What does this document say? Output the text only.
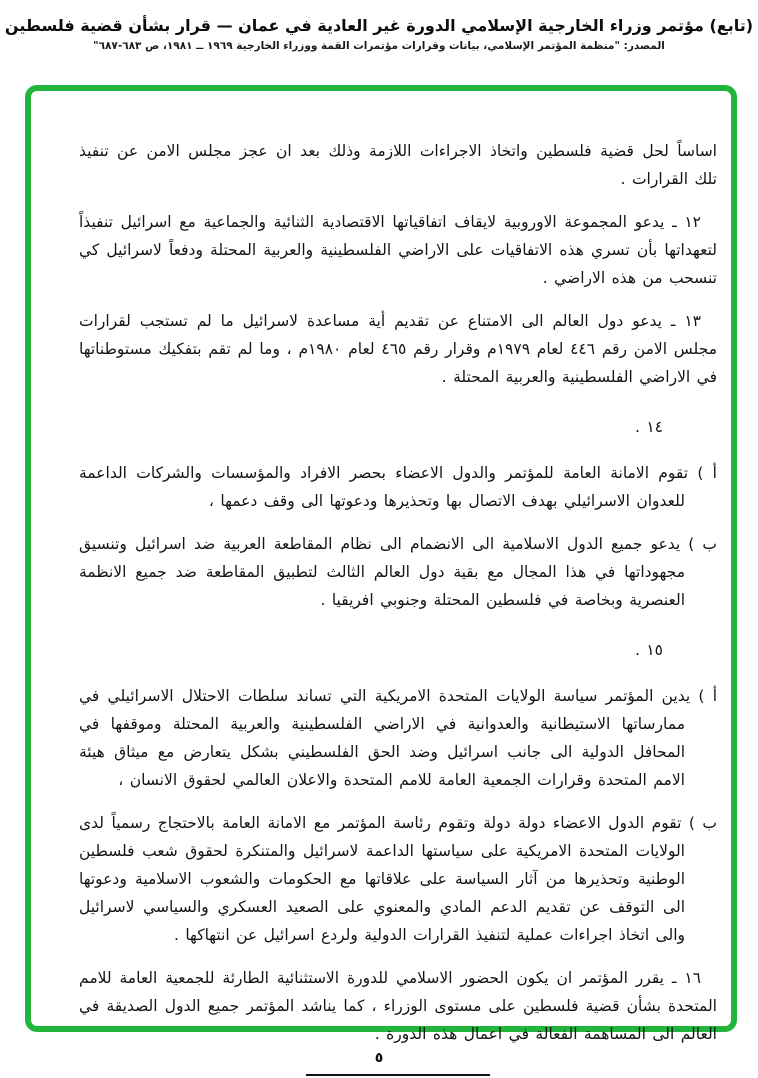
(تابع) مؤتمر وزراء الخارجية الإسلامي الدورة غير العادية في عمان — قرار بشأن قضية فلسطين
المصدر: "منظمة المؤتمر الإسلامي، بيانات وقرارات مؤتمرات القمة ووزراء الخارجية ١٩٦٩ ــ ١٩٨١، ص ٦٨٣-٦٨٧"

اساساً لحل قضية فلسطين واتخاذ الاجراءات اللازمة وذلك بعد ان عجز مجلس الامن عن تنفيذ تلك القرارات .

١٢ ـ يدعو المجموعة الاوروبية لايقاف اتفاقياتها الاقتصادية الثنائية والجماعية مع اسرائيل تنفيذاً لتعهداتها بأن تسري هذه الاتفاقيات على الاراضي الفلسطينية والعربية المحتلة ودفعاً لاسرائيل كي تنسحب من هذه الاراضي .

١٣ ـ يدعو دول العالم الى الامتناع عن تقديم أية مساعدة لاسرائيل ما لم تستجب لقرارات مجلس الامن رقم ٤٤٦ لعام ١٩٧٩م وقرار رقم ٤٦٥ لعام ١٩٨٠م ، وما لم تقم بتفكيك مستوطناتها في الاراضي الفلسطينية والعربية المحتلة .

١٤ .

أ ) تقوم الامانة العامة للمؤتمر والدول الاعضاء بحصر الافراد والمؤسسات والشركات الداعمة للعدوان الاسرائيلي بهدف الاتصال بها وتحذيرها ودعوتها الى وقف دعمها ،

ب ) يدعو جميع الدول الاسلامية الى الانضمام الى نظام المقاطعة العربية ضد اسرائيل وتنسيق مجهوداتها في هذا المجال مع بقية دول العالم الثالث لتطبيق المقاطعة ضد جميع الانظمة العنصرية وبخاصة في فلسطين المحتلة وجنوبي افريقيا .

١٥ .

أ ) يدين المؤتمر سياسة الولايات المتحدة الامريكية التي تساند سلطات الاحتلال الاسرائيلي في ممارساتها الاستيطانية والعدوانية في الاراضي الفلسطينية والعربية المحتلة وموقفها في المحافل الدولية الى جانب اسرائيل وضد الحق الفلسطيني بشكل يتعارض مع ميثاق هيئة الامم المتحدة وقرارات الجمعية العامة للامم المتحدة والاعلان العالمي لحقوق الانسان ،

ب ) تقوم الدول الاعضاء دولة دولة وتقوم رئاسة المؤتمر مع الامانة العامة بالاحتجاج رسمياً لدى الولايات المتحدة الامريكية على سياستها الداعمة لاسرائيل والمتنكرة لحقوق شعب فلسطين الوطنية وتحذيرها من آثار السياسة على علاقاتها مع الحكومات والشعوب الاسلامية ودعوتها الى التوقف عن تقديم الدعم المادي والمعنوي على الصعيد العسكري والسياسي لاسرائيل والى اتخاذ اجراءات عملية لتنفيذ القرارات الدولية ولردع اسرائيل عن انتهاكها .

١٦ ـ يقرر المؤتمر ان يكون الحضور الاسلامي للدورة الاستثنائية الطارئة للجمعية العامة للامم المتحدة بشأن قضية فلسطين على مستوى الوزراء ، كما يناشد المؤتمر جميع الدول الصديقة في العالم الى المساهمة الفعالة في اعمال هذه الدورة .

٥
